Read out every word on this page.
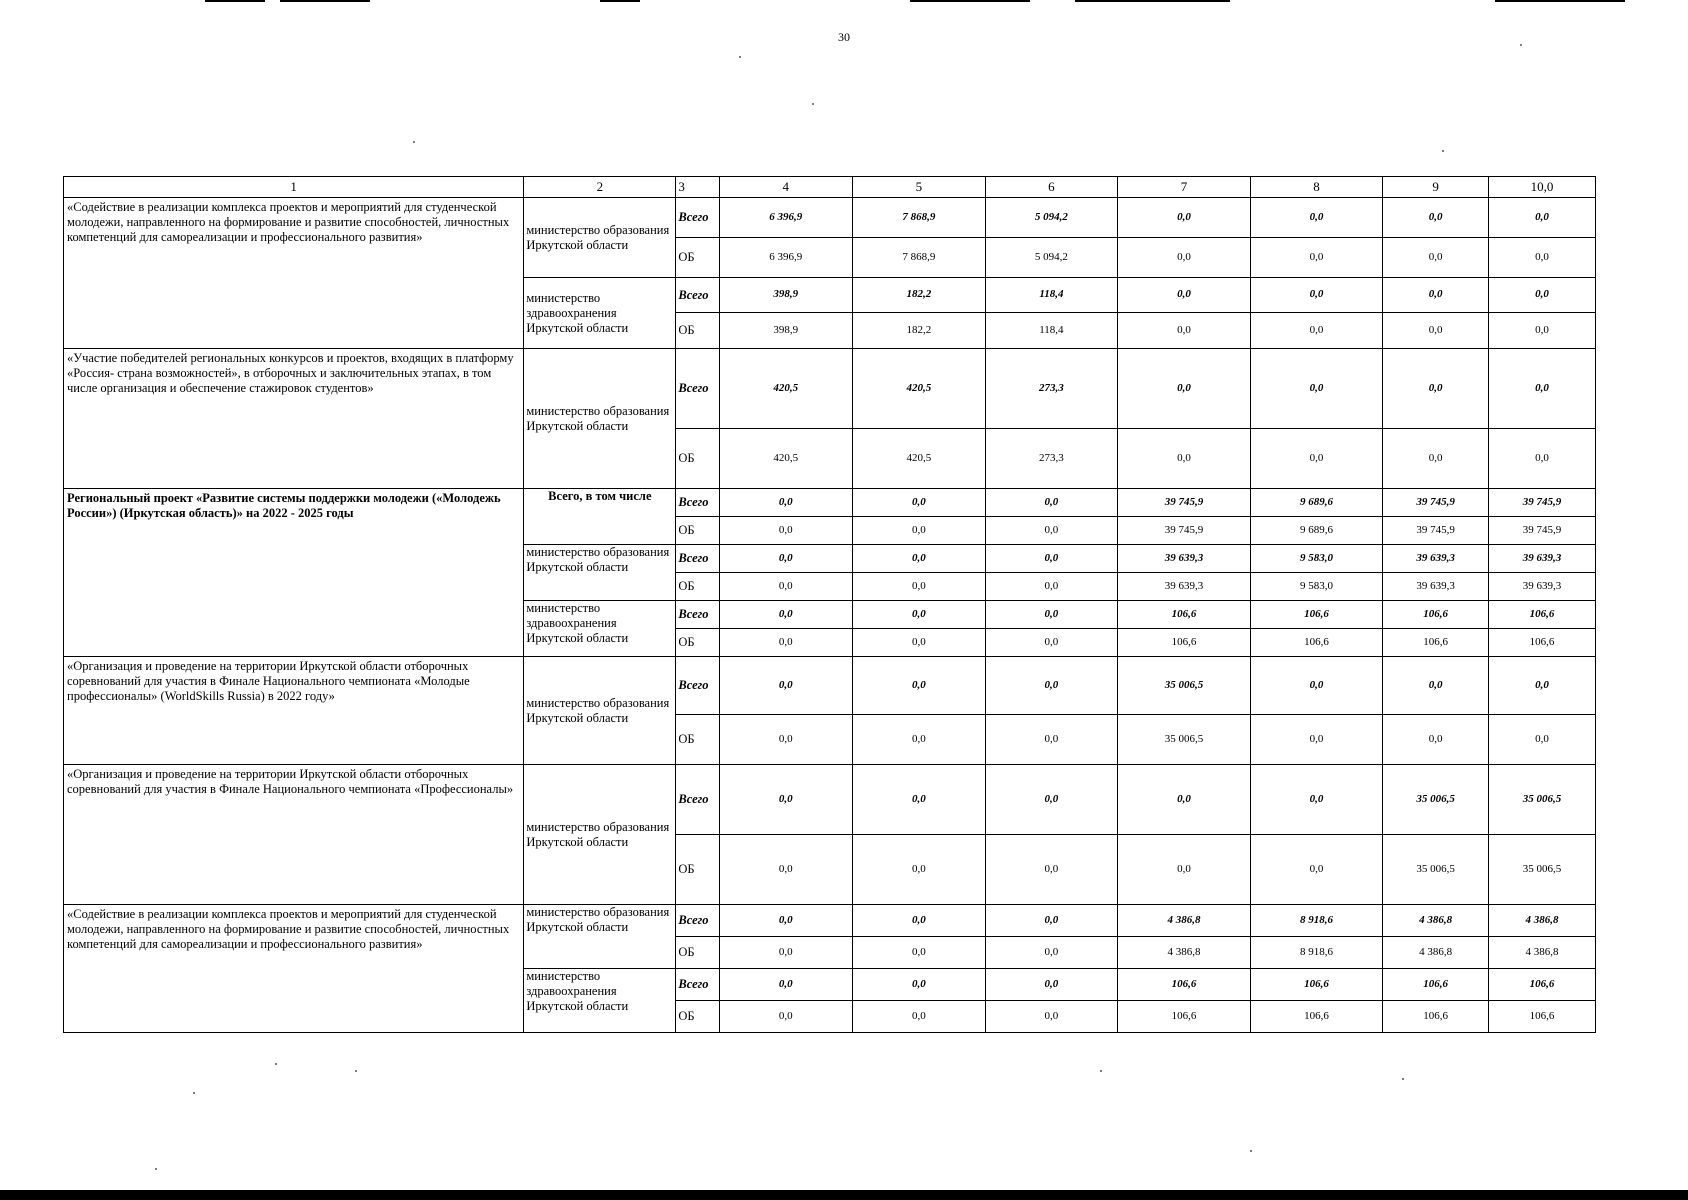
30
1	2	3	4	5	6	7	8	9	10,0
«Содействие в реализации комплекса проектов и мероприятий для студенческой молодежи, направленного на формирование и развитие способностей, личностных компетенций для самореализации и профессионального развития»	министерство образования Иркутской области	Всего	6 396,9	7 868,9	5 094,2	0,0	0,0	0,0	0,0
		ОБ	6 396,9	7 868,9	5 094,2	0,0	0,0	0,0	0,0
	министерство здравоохранения Иркутской области	Всего	398,9	182,2	118,4	0,0	0,0	0,0	0,0
		ОБ	398,9	182,2	118,4	0,0	0,0	0,0	0,0
«Участие победителей региональных конкурсов и проектов, входящих в платформу «Россия- страна возможностей», в отборочных и заключительных этапах, в том числе организация и обеспечение стажировок студентов»	министерство образования Иркутской области	Всего	420,5	420,5	273,3	0,0	0,0	0,0	0,0
		ОБ	420,5	420,5	273,3	0,0	0,0	0,0	0,0
Региональный проект «Развитие системы поддержки молодежи («Молодежь России») (Иркутская область)» на 2022 - 2025 годы	Всего, в том числе	Всего	0,0	0,0	0,0	39 745,9	9 689,6	39 745,9	39 745,9
		ОБ	0,0	0,0	0,0	39 745,9	9 689,6	39 745,9	39 745,9
	министерство образования Иркутской области	Всего	0,0	0,0	0,0	39 639,3	9 583,0	39 639,3	39 639,3
		ОБ	0,0	0,0	0,0	39 639,3	9 583,0	39 639,3	39 639,3
	министерство здравоохранения Иркутской области	Всего	0,0	0,0	0,0	106,6	106,6	106,6	106,6
		ОБ	0,0	0,0	0,0	106,6	106,6	106,6	106,6
«Организация и проведение на территории Иркутской области отборочных соревнований для участия в Финале Национального чемпионата «Молодые профессионалы» (WorldSkills Russia) в 2022 году»	министерство образования Иркутской области	Всего	0,0	0,0	0,0	35 006,5	0,0	0,0	0,0
		ОБ	0,0	0,0	0,0	35 006,5	0,0	0,0	0,0
«Организация и проведение на территории Иркутской области отборочных соревнований для участия в Финале Национального чемпионата «Профессионалы»	министерство образования Иркутской области	Всего	0,0	0,0	0,0	0,0	0,0	35 006,5	35 006,5
		ОБ	0,0	0,0	0,0	0,0	0,0	35 006,5	35 006,5
«Содействие в реализации комплекса проектов и мероприятий для студенческой молодежи, направленного на формирование и развитие способностей, личностных компетенций для самореализации и профессионального развития»	министерство образования Иркутской области	Всего	0,0	0,0	0,0	4 386,8	8 918,6	4 386,8	4 386,8
		ОБ	0,0	0,0	0,0	4 386,8	8 918,6	4 386,8	4 386,8
	министерство здравоохранения Иркутской области	Всего	0,0	0,0	0,0	106,6	106,6	106,6	106,6
		ОБ	0,0	0,0	0,0	106,6	106,6	106,6	106,6
